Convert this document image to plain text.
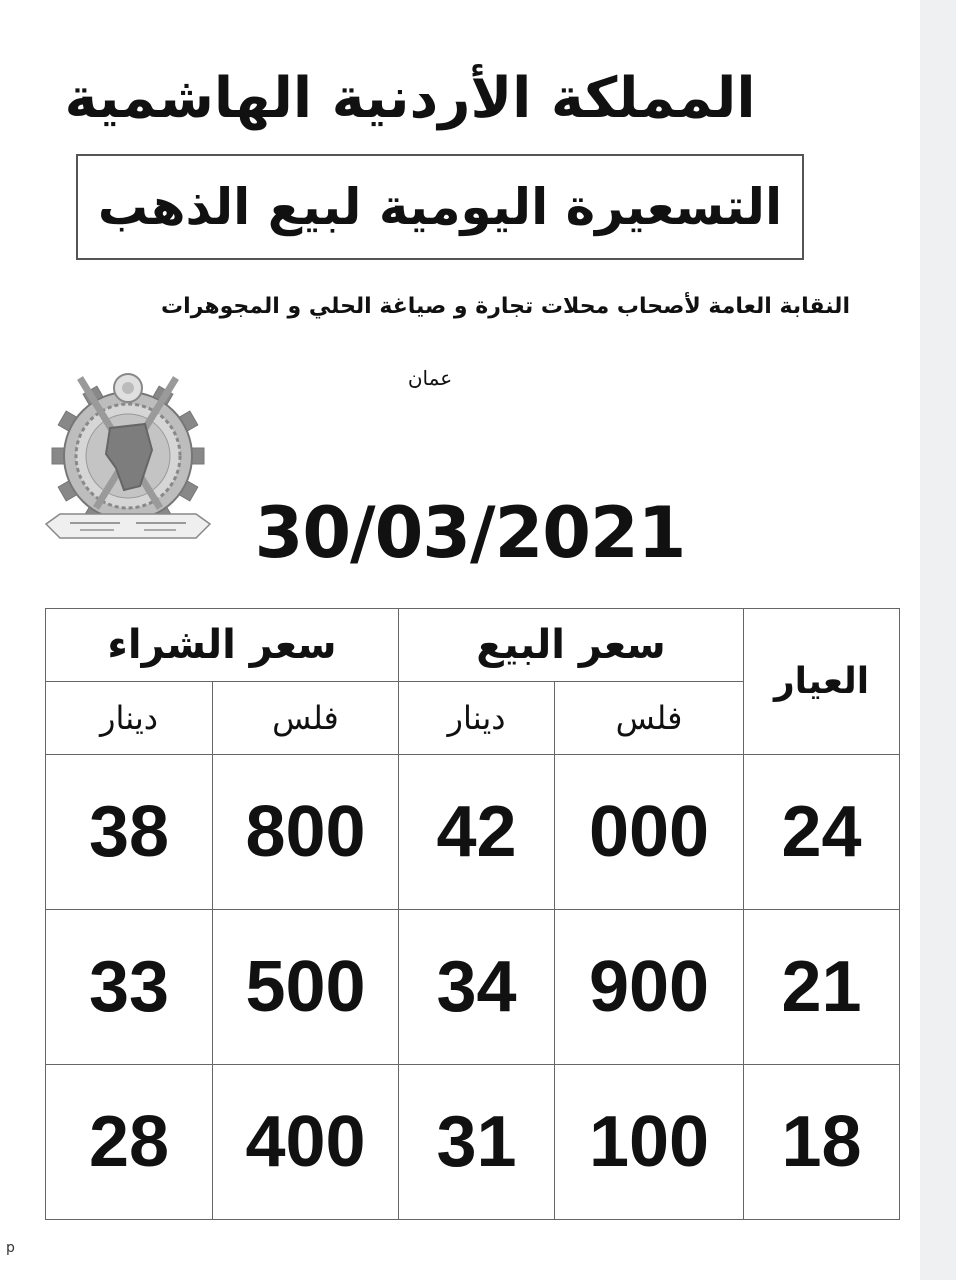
المملكة الأردنية الهاشمية
التسعيرة اليومية لبيع الذهب
النقابة العامة لأصحاب محلات تجارة و صياغة الحلي و المجوهرات
عمان
30/03/2021
سعر الشراء		سعر البيع		العيار
دينار	فلس	دينار	فلس	
38	800	42	000	24
33	500	34	900	21
28	400	31	100	18
p
